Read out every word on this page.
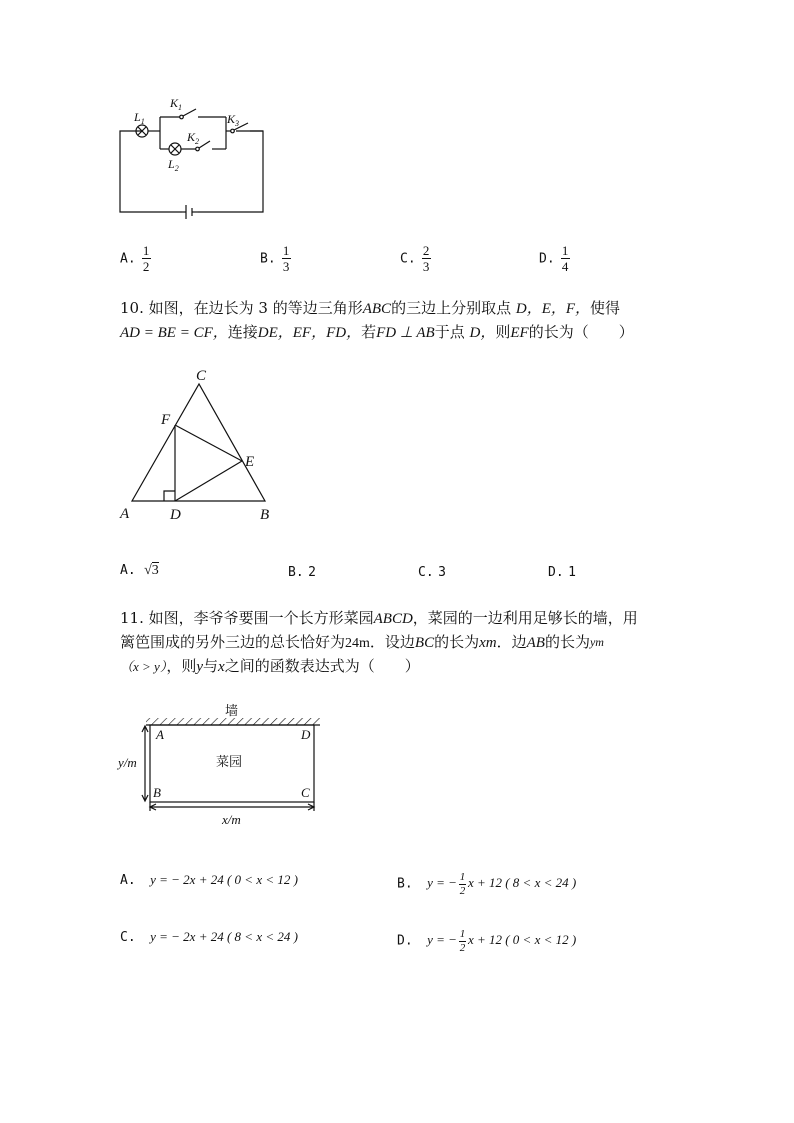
$L_1$
$K_1$
$K_2$
$K_3$
$L_2$
A. $\frac{1}{2}$	B. $\frac{1}{3}$	C. $\frac{2}{3}$	D. $\frac{1}{4}$
10. 如图，在边长为 3 的等边三角形ABC的三边上分别取点 D，E，F，使得
AD = BE = CF，连接DE，EF，FD，若FD ⊥ AB于点 D，则EF的长为（　　）
C
F
E
A	D	B
A. √3	B. 2	C. 3	D. 1
11. 如图，李爷爷要围一个长方形菜园ABCD，菜园的一边利用足够长的墙，用
篱笆围成的另外三边的总长恰好为24m．设边BC的长为xm．边AB的长为$^{ym}$
（x > y），则y与x之间的函数表达式为（　　）
墙
菜园
A	D
B	C
y/m
x/m
A. y = − 2x + 24 ( 0 < x < 12 )	B. y = − $\frac{1}{2}$ x + 12 ( 8 < x < 24 )
C. y = − 2x + 24 ( 8 < x < 24 )	D. y = − $\frac{1}{2}$ x + 12 ( 0 < x < 12 )
